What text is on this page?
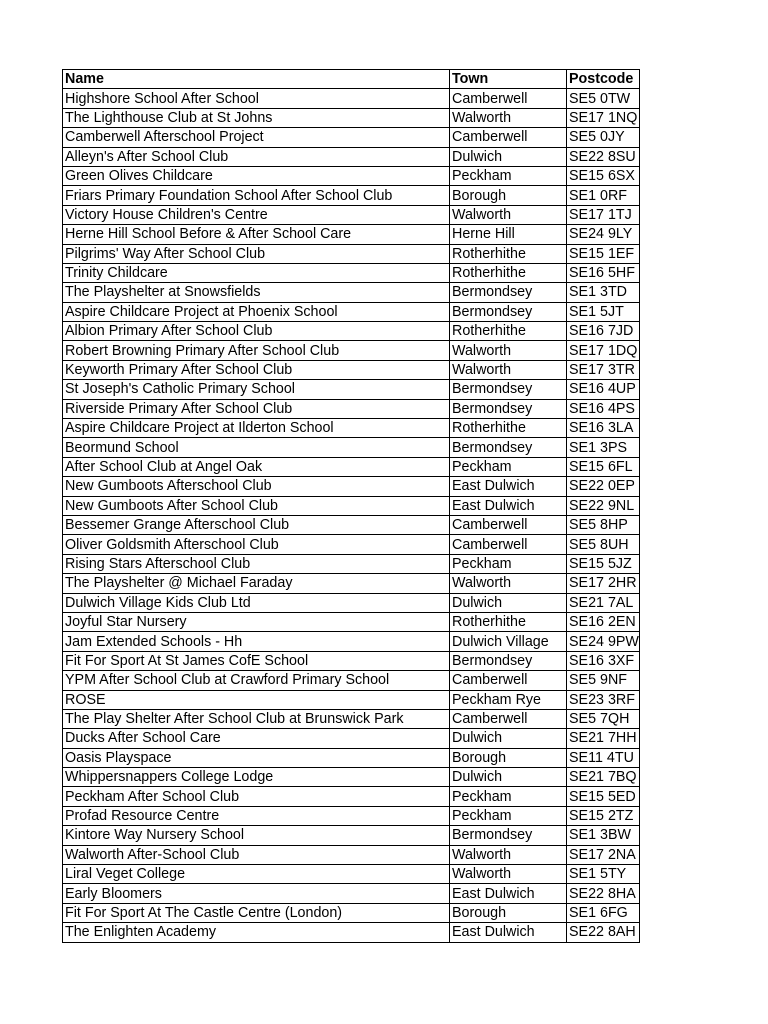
Name	Town	Postcode
Highshore School After School	Camberwell	SE5 0TW
The Lighthouse Club at St Johns	Walworth	SE17 1NQ
Camberwell Afterschool Project	Camberwell	SE5 0JY
Alleyn's After School Club	Dulwich	SE22 8SU
Green Olives Childcare	Peckham	SE15 6SX
Friars Primary Foundation School After School Club	Borough	SE1 0RF
Victory House Children's Centre	Walworth	SE17 1TJ
Herne Hill School Before & After School Care	Herne Hill	SE24 9LY
Pilgrims' Way After School Club	Rotherhithe	SE15 1EF
Trinity Childcare	Rotherhithe	SE16 5HF
The Playshelter at Snowsfields	Bermondsey	SE1 3TD
Aspire Childcare Project at Phoenix School	Bermondsey	SE1 5JT
Albion Primary After School Club	Rotherhithe	SE16 7JD
Robert Browning Primary After School Club	Walworth	SE17 1DQ
Keyworth Primary After School Club	Walworth	SE17 3TR
St Joseph's Catholic Primary School	Bermondsey	SE16 4UP
Riverside Primary After School Club	Bermondsey	SE16 4PS
Aspire Childcare Project at Ilderton School	Rotherhithe	SE16 3LA
Beormund School	Bermondsey	SE1 3PS
After School Club at Angel Oak	Peckham	SE15 6FL
New Gumboots Afterschool Club	East Dulwich	SE22 0EP
New Gumboots After School Club	East Dulwich	SE22 9NL
Bessemer Grange Afterschool Club	Camberwell	SE5 8HP
Oliver Goldsmith Afterschool Club	Camberwell	SE5 8UH
Rising Stars Afterschool Club	Peckham	SE15 5JZ
The Playshelter @ Michael Faraday	Walworth	SE17 2HR
Dulwich Village Kids Club Ltd	Dulwich	SE21 7AL
Joyful Star Nursery	Rotherhithe	SE16 2EN
Jam Extended Schools - Hh	Dulwich Village	SE24 9PW
Fit For Sport At St James CofE School	Bermondsey	SE16 3XF
YPM After School Club at Crawford Primary School	Camberwell	SE5 9NF
ROSE	Peckham Rye	SE23 3RF
The Play Shelter After School Club at Brunswick Park	Camberwell	SE5 7QH
Ducks After School Care	Dulwich	SE21 7HH
Oasis Playspace	Borough	SE11 4TU
Whippersnappers College Lodge	Dulwich	SE21 7BQ
Peckham After School Club	Peckham	SE15 5ED
Profad Resource Centre	Peckham	SE15 2TZ
Kintore Way Nursery School	Bermondsey	SE1 3BW
Walworth After-School Club	Walworth	SE17 2NA
Liral Veget College	Walworth	SE1 5TY
Early Bloomers	East Dulwich	SE22 8HA
Fit For Sport At The Castle Centre (London)	Borough	SE1 6FG
The Enlighten Academy	East Dulwich	SE22 8AH
